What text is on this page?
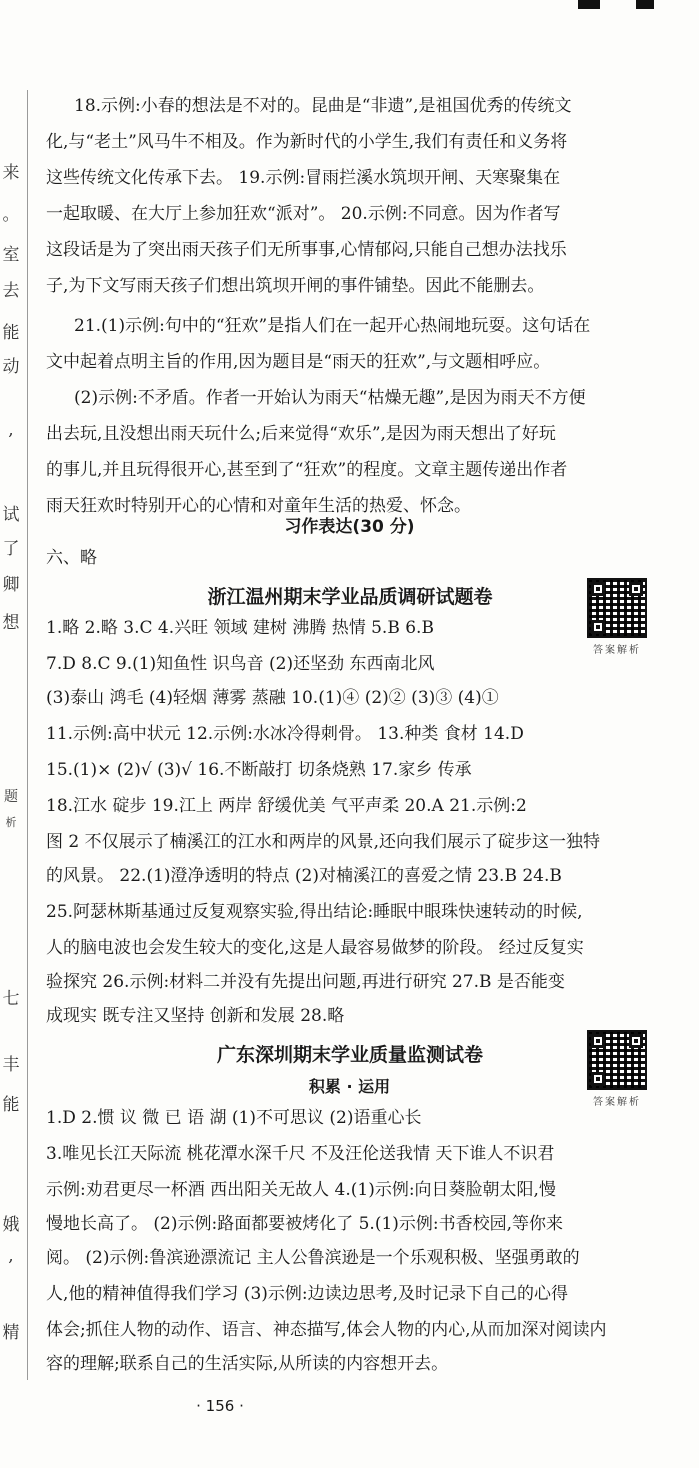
来
。
室
去
能
动
,
试
了
卿
想
题
析
七
丰
能
娥
,
精
18.示例:小春的想法是不对的。昆曲是“非遗”,是祖国优秀的传统文
化,与“老土”风马牛不相及。作为新时代的小学生,我们有责任和义务将
这些传统文化传承下去。 19.示例:冒雨拦溪水筑坝开闸、天寒聚集在
一起取暖、在大厅上参加狂欢“派对”。 20.示例:不同意。因为作者写
这段话是为了突出雨天孩子们无所事事,心情郁闷,只能自己想办法找乐
子,为下文写雨天孩子们想出筑坝开闸的事件铺垫。因此不能删去。
21.(1)示例:句中的“狂欢”是指人们在一起开心热闹地玩耍。这句话在
文中起着点明主旨的作用,因为题目是“雨天的狂欢”,与文题相呼应。
(2)示例:不矛盾。作者一开始认为雨天“枯燥无趣”,是因为雨天不方便
出去玩,且没想出雨天玩什么;后来觉得“欢乐”,是因为雨天想出了好玩
的事儿,并且玩得很开心,甚至到了“狂欢”的程度。文章主题传递出作者
雨天狂欢时特别开心的心情和对童年生活的热爱、怀念。
习作表达(30 分)
六、略
浙江温州期末学业品质调研试题卷
答案解析
1.略 2.略 3.C 4.兴旺 领域 建树 沸腾 热情 5.B 6.B
7.D 8.C 9.(1)知鱼性 识鸟音 (2)还坚劲 东西南北风
(3)泰山 鸿毛 (4)轻烟 薄雾 蒸融 10.(1)④ (2)② (3)③ (4)①
11.示例:高中状元 12.示例:水冰冷得刺骨。 13.种类 食材 14.D
15.(1)× (2)√ (3)√ 16.不断敲打 切条烧熟 17.家乡 传承
18.江水 碇步 19.江上 两岸 舒缓优美 气平声柔 20.A 21.示例:2
图 2 不仅展示了楠溪江的江水和两岸的风景,还向我们展示了碇步这一独特
的风景。 22.(1)澄净透明的特点 (2)对楠溪江的喜爱之情 23.B 24.B
25.阿瑟林斯基通过反复观察实验,得出结论:睡眠中眼珠快速转动的时候,
人的脑电波也会发生较大的变化,这是人最容易做梦的阶段。 经过反复实
验探究 26.示例:材料二并没有先提出问题,再进行研究 27.B 是否能变
成现实 既专注又坚持 创新和发展 28.略
广东深圳期末学业质量监测试卷
答案解析
积累 · 运用
1.D 2.惯 议 微 已 语 湖 (1)不可思议 (2)语重心长
3.唯见长江天际流 桃花潭水深千尺 不及汪伦送我情 天下谁人不识君
示例:劝君更尽一杯酒 西出阳关无故人 4.(1)示例:向日葵脸朝太阳,慢
慢地长高了。 (2)示例:路面都要被烤化了 5.(1)示例:书香校园,等你来
阅。 (2)示例:鲁滨逊漂流记 主人公鲁滨逊是一个乐观积极、坚强勇敢的
人,他的精神值得我们学习 (3)示例:边读边思考,及时记录下自己的心得
体会;抓住人物的动作、语言、神态描写,体会人物的内心,从而加深对阅读内
容的理解;联系自己的生活实际,从所读的内容想开去。
· 156 ·
